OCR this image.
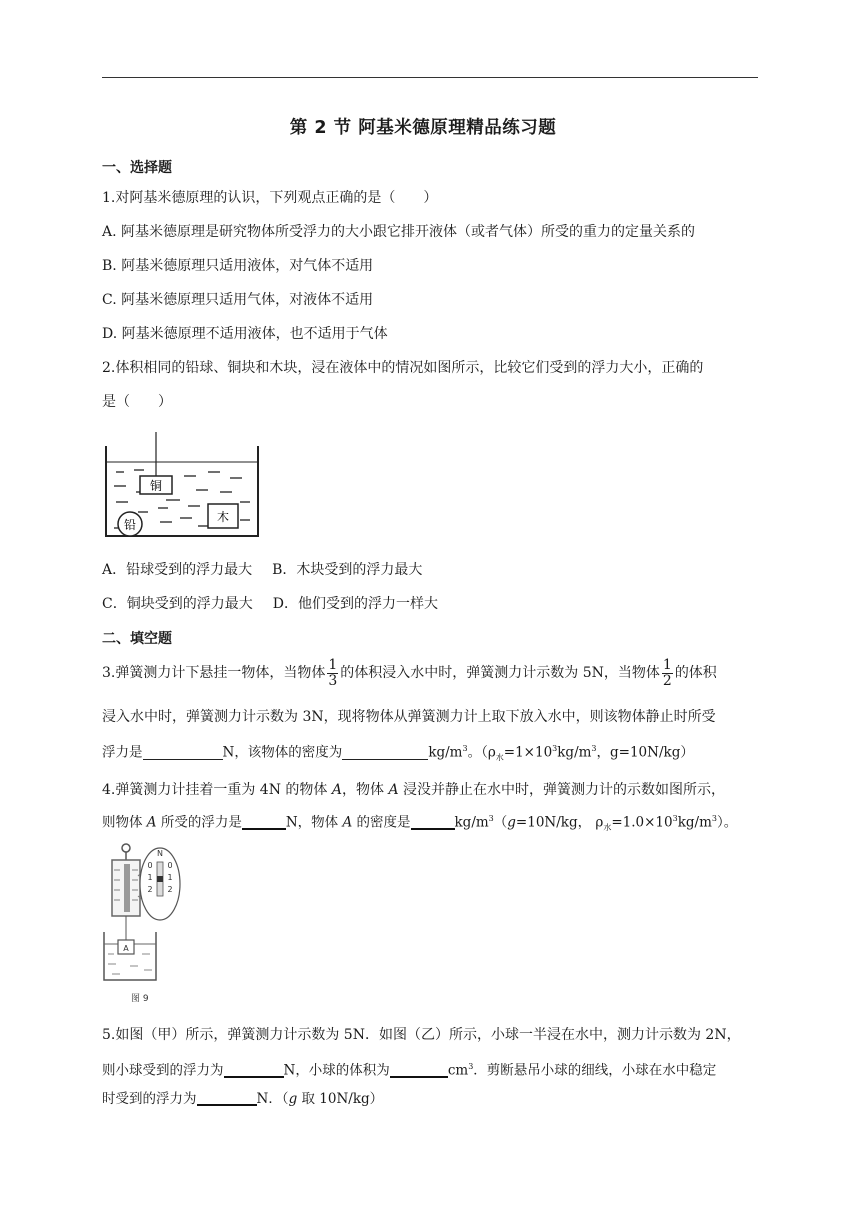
第 2 节 阿基米德原理精品练习题
一、选择题
1.对阿基米德原理的认识，下列观点正确的是（　　）
A. 阿基米德原理是研究物体所受浮力的大小跟它排开液体（或者气体）所受的重力的定量关系的
B. 阿基米德原理只适用液体，对气体不适用
C. 阿基米德原理只适用气体，对液体不适用
D. 阿基米德原理不适用液体，也不适用于气体
2.体积相同的铅球、铜块和木块，浸在液体中的情况如图所示，比较它们受到的浮力大小，正确的
是（　　）
铜
木
铅
A．铅球受到的浮力最大 B．木块受到的浮力最大
C．铜块受到的浮力最大 D．他们受到的浮力一样大
二、填空题
3.弹簧测力计下悬挂一物体，当物体 $\frac{1}{3}$ 的体积浸入水中时，弹簧测力计示数为 5N，当物体 $\frac{1}{2}$ 的体积
浸入水中时，弹簧测力计示数为 3N，现将物体从弹簧测力计上取下放入水中，则该物体静止时所受
浮力是	N，该物体的密度为	$kg/m^3$。（$\rho_水=1\times 10^3kg/m^3$，g=10N/kg）
4.弹簧测力计挂着一重为 4N 的物体 A，物体 A 浸没并静止在水中时，弹簧测力计的示数如图所示，
则物体 A 所受的浮力是	N，物体 A 的密度是	$kg/m^3(g=10N/kg$， $\rho_水=1.0\times 10^3kg/m^3$）。
N
0 0
1 1
2 2
A
图 9
5.如图（甲）所示，弹簧测力计示数为 5N．如图（乙）所示，小球一半浸在水中，测力计示数为 2N，
则小球受到的浮力为	N，小球的体积为	$cm^3$．剪断悬吊小球的细线，小球在水中稳定
时受到的浮力为	N．（g 取 10N/kg）
